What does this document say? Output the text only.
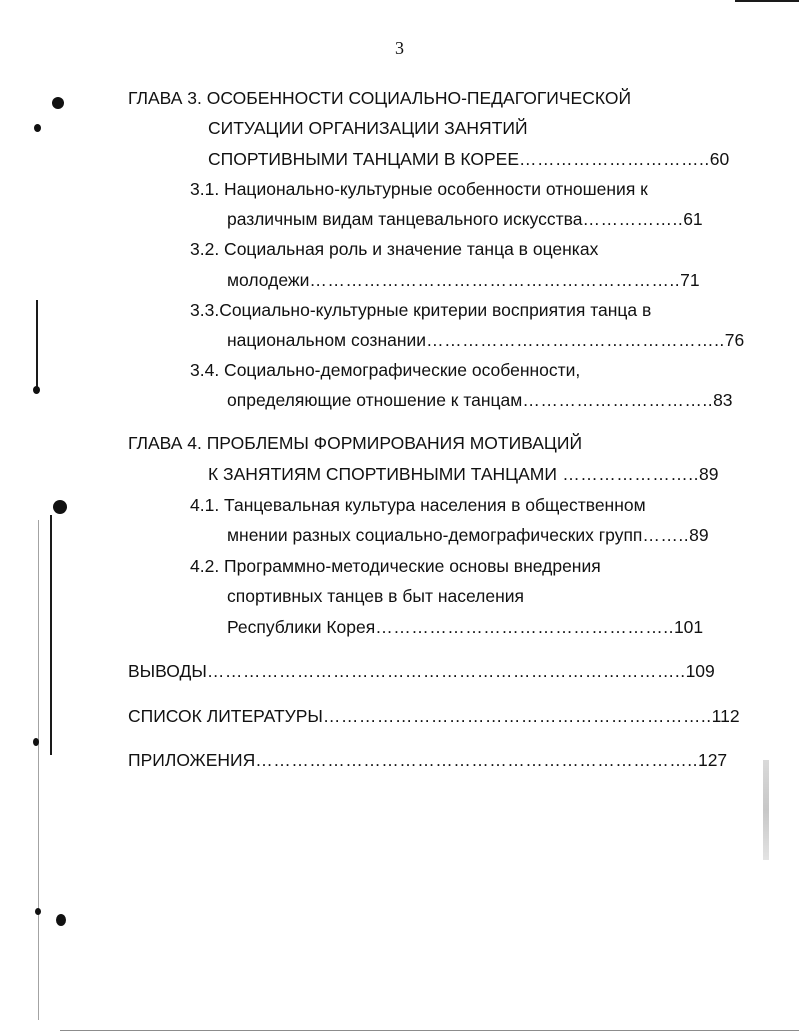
3
ГЛАВА 3. ОСОБЕННОСТИ СОЦИАЛЬНО-ПЕДАГОГИЧЕСКОЙ
СИТУАЦИИ ОРГАНИЗАЦИИ ЗАНЯТИЙ
СПОРТИВНЫМИ ТАНЦАМИ В КОРЕЕ…………………………..60
3.1. Национально-культурные особенности отношения к
различным видам танцевального искусства……………..61
3.2. Социальная роль и значение танца в оценках
молодежи……………………………………………………..71
3.3.Социально-культурные критерии восприятия танца в
национальном сознании…………………………………………..76
3.4. Социально-демографические особенности,
определяющие отношение к танцам…………………………..83
ГЛАВА 4. ПРОБЛЕМЫ ФОРМИРОВАНИЯ МОТИВАЦИЙ
К ЗАНЯТИЯМ СПОРТИВНЫМИ ТАНЦАМИ …………………..89
4.1. Танцевальная культура населения в общественном
мнении разных социально-демографических групп……..89
4.2. Программно-методические основы внедрения
спортивных танцев в быт населения
Республики Корея…………………………………………..101
ВЫВОДЫ……………………………………………………………………..109
СПИСОК ЛИТЕРАТУРЫ………………………………………………………..112
ПРИЛОЖЕНИЯ………………………………………………………………..127
